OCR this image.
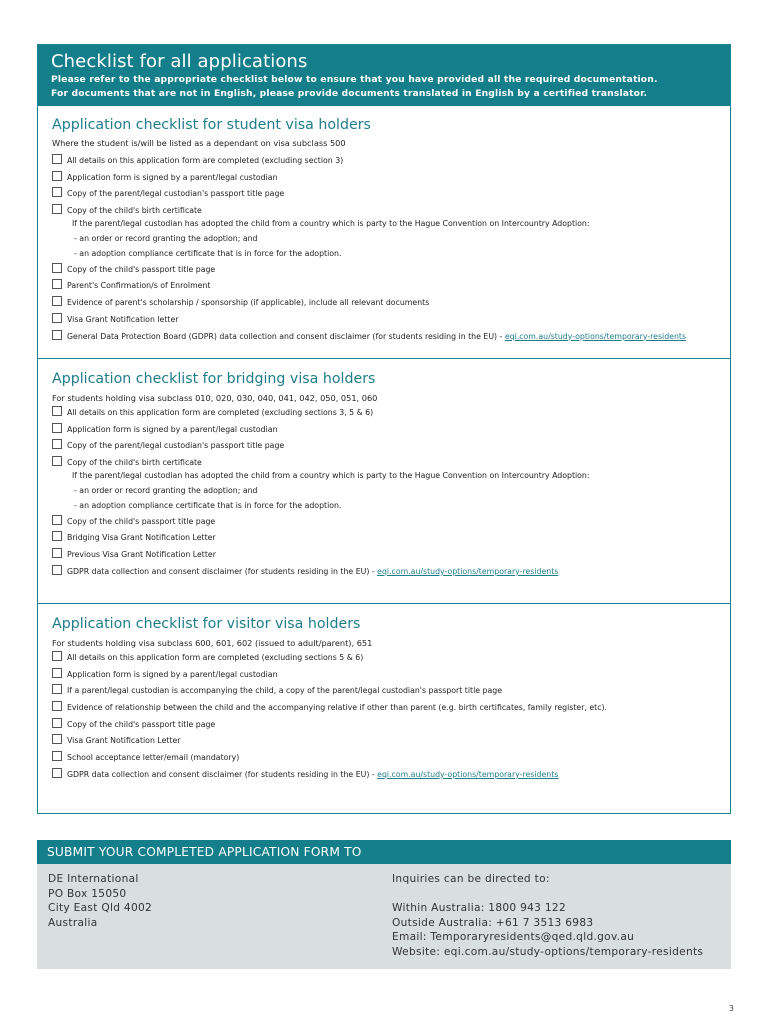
Checklist for all applications

Please refer to the appropriate checklist below to ensure that you have provided all the required documentation.

For documents that are not in English, please provide documents translated in English by a certified translator.

Application checklist for student visa holders
Where the student is/will be listed as a dependant on visa subclass 500
All details on this application form are completed (excluding section 3)
Application form is signed by a parent/legal custodian
Copy of the parent/legal custodian's passport title page
Copy of the child's birth certificate
If the parent/legal custodian has adopted the child from a country which is party to the Hague Convention on Intercountry Adoption:
- an order or record granting the adoption; and
- an adoption compliance certificate that is in force for the adoption.
Copy of the child's passport title page
Parent's Confirmation/s of Enrolment
Evidence of parent's scholarship / sponsorship (if applicable), include all relevant documents
Visa Grant Notification letter
General Data Protection Board (GDPR) data collection and consent disclaimer (for students residing in the EU) - eqi.com.au/study-options/temporary-residents
Application checklist for bridging visa holders
For students holding visa subclass 010, 020, 030, 040, 041, 042, 050, 051, 060
All details on this application form are completed (excluding sections 3, 5 & 6)
Application form is signed by a parent/legal custodian
Copy of the parent/legal custodian's passport title page
Copy of the child's birth certificate
If the parent/legal custodian has adopted the child from a country which is party to the Hague Convention on Intercountry Adoption:
- an order or record granting the adoption; and
- an adoption compliance certificate that is in force for the adoption.
Copy of the child's passport title page
Bridging Visa Grant Notification Letter
Previous Visa Grant Notification Letter
GDPR data collection and consent disclaimer (for students residing in the EU) - eqi.com.au/study-options/temporary-residents
Application checklist for visitor visa holders
For students holding visa subclass 600, 601, 602 (issued to adult/parent), 651
All details on this application form are completed (excluding sections 5 & 6)
Application form is signed by a parent/legal custodian
If a parent/legal custodian is accompanying the child, a copy of the parent/legal custodian's passport title page
Evidence of relationship between the child and the accompanying relative if other than parent (e.g. birth certificates, family register, etc).
Copy of the child's passport title page
Visa Grant Notification Letter
School acceptance letter/email (mandatory)
GDPR data collection and consent disclaimer (for students residing in the EU) - eqi.com.au/study-options/temporary-residents
SUBMIT YOUR COMPLETED APPLICATION FORM TO
DE International
PO Box 15050
City East Qld 4002
Australia
Inquiries can be directed to:
Within Australia: 1800 943 122
Outside Australia: +61 7 3513 6983
Email: Temporaryresidents@qed.qld.gov.au
Website: eqi.com.au/study-options/temporary-residents
3
